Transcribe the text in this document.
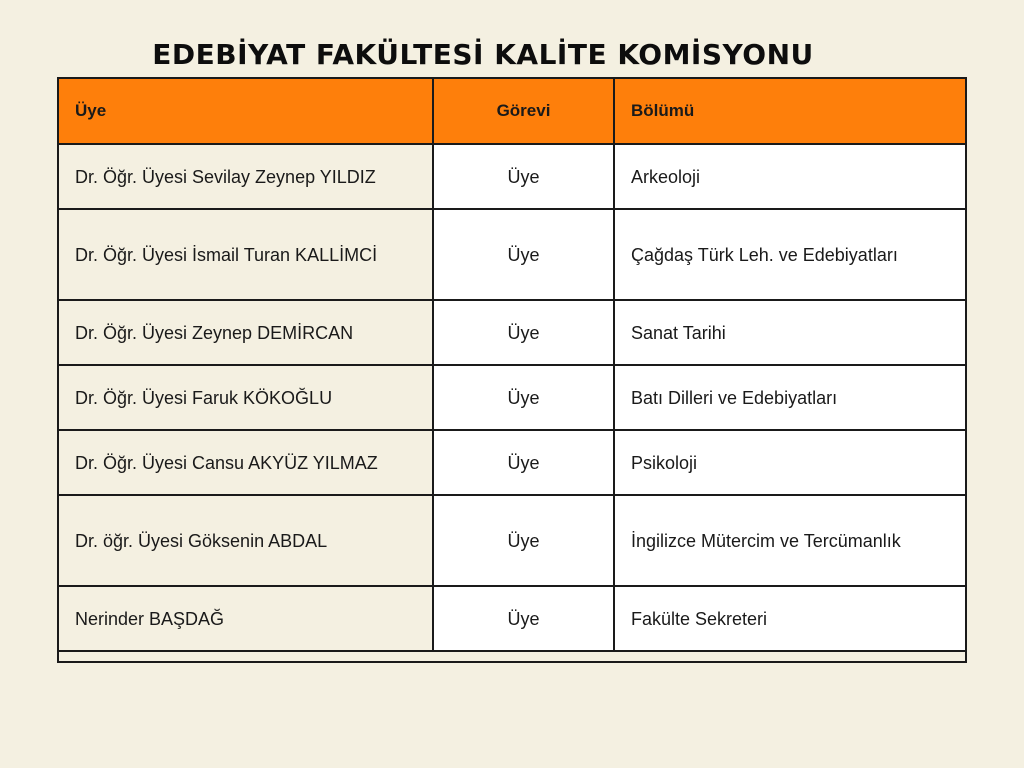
EDEBİYAT FAKÜLTESİ KALİTE KOMİSYONU
Üye	Görevi	Bölümü
Dr. Öğr. Üyesi Sevilay Zeynep YILDIZ	Üye	Arkeoloji
Dr. Öğr. Üyesi İsmail Turan KALLİMCİ	Üye	Çağdaş Türk Leh. ve Edebiyatları
Dr. Öğr. Üyesi Zeynep DEMİRCAN	Üye	Sanat Tarihi
Dr. Öğr. Üyesi Faruk KÖKOĞLU	Üye	Batı Dilleri ve Edebiyatları
Dr. Öğr. Üyesi Cansu AKYÜZ YILMAZ	Üye	Psikoloji
Dr. öğr. Üyesi Göksenin ABDAL	Üye	İngilizce Mütercim ve Tercümanlık
Nerinder BAŞDAĞ	Üye	Fakülte Sekreteri
